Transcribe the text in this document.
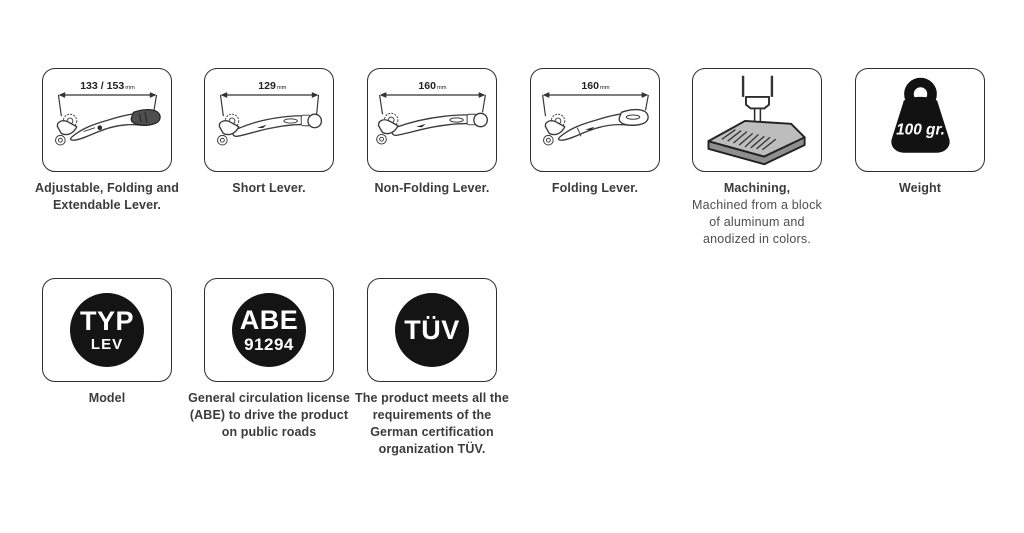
133 / 153mm
Adjustable, Folding and Extendable Lever.
129mm
Short Lever.
160mm
Non-Folding Lever.
160mm
Folding Lever.	Machining,
Machined from a block
of aluminum and
anodized in colors.
100 gr.
Weight
TYP
LEV
Model
ABE
91294
General circulation license (ABE) to drive the product on public roads
TÜV
The product meets all the requirements of the German certification organization TÜV.
